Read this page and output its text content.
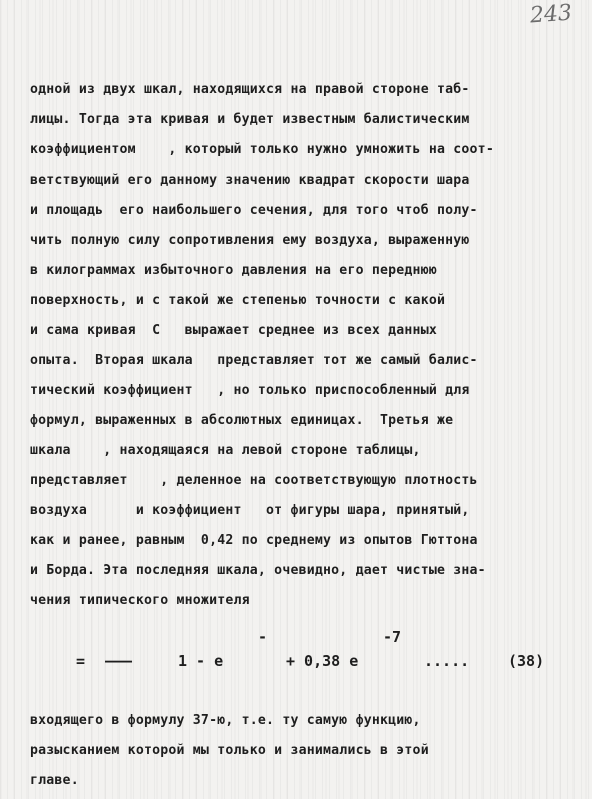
243
одной из двух шкал, находящихся на правой стороне таб-
лицы. Тогда эта кривая и будет известным балистическим
коэффициентом    , который только нужно умножить на соот-
ветствующий его данному значению квадрат скорости шара
и площадь  его наибольшего сечения, для того чтоб полу-
чить полную силу сопротивления ему воздуха, выраженную
в килограммах избыточного давления на его переднюю
поверхность, и с такой же степенью точности с какой
и сама кривая  C   выражает среднее из всех данных
опыта.  Вторая шкала   представляет тот же самый балис-
тический коэффициент   , но только приспособленный для
формул, выраженных в абсолютных единицах.  Третья же
шкала    , находящаяся на левой стороне таблицы,
представляет    , деленное на соответствующую плотность
воздуха      и коэффициент   от фигуры шара, принятый,
как и ранее, равным  0,42 по среднему из опытов Гюттона
и Борда. Эта последняя шкала, очевидно, дает чистые зна-
чения типического множителя
-	-7
= ———	1 - e	+ 0,38 e	.....	(38)
входящего в формулу 37-ю, т.е. ту самую функцию,
разысканием которой мы только и занимались в этой
главе.
